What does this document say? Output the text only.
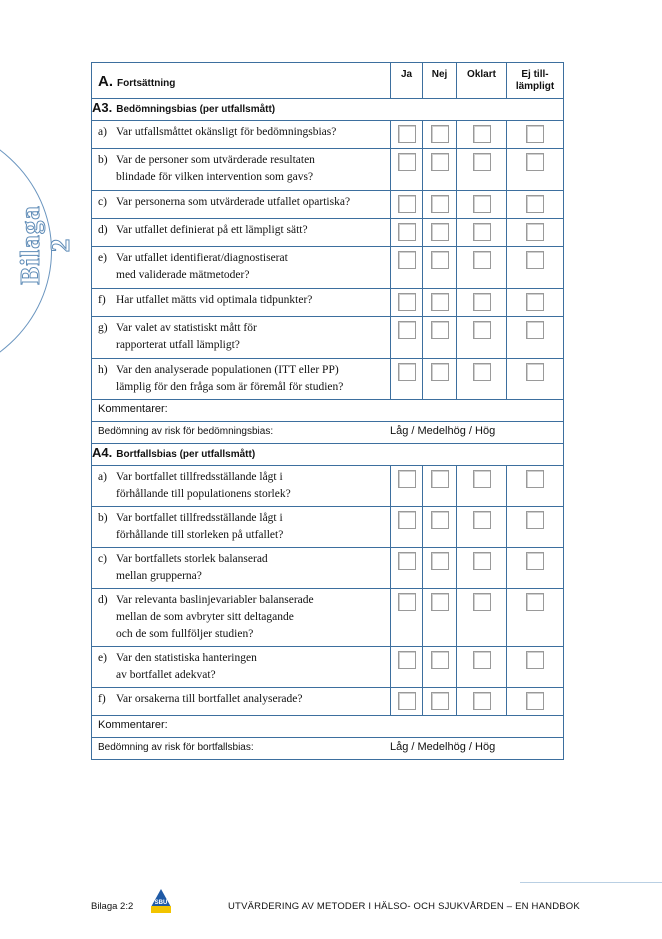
Bilaga 2
A. Fortsättning	Ja	Nej	Oklart	Ej till-
lämpligt
A3. Bedömningsbias (per utfallsmått)				

a) Var utfallsmåttet okänsligt för bedömningsbias?				

b) Var de personer som utvärderade resultaten
blindade för vilken intervention som gavs?				

c) Var personerna som utvärderade utfallet opartiska?				

d) Var utfallet definierat på ett lämpligt sätt?				

e) Var utfallet identifierat/diagnostiserat
med validerade mätmetoder?				

f) Har utfallet mätts vid optimala tidpunkter?				

g) Var valet av statistiskt mått för
rapporterat utfall lämpligt?				

h) Var den analyserade populationen (ITT eller PP)
lämplig för den fråga som är föremål för studien?				

Kommentarer:				
Bedömning av risk för bedömningsbias: Låg / Medelhög / Hög				

A4. Bortfallsbias (per utfallsmått)				

a) Var bortfallet tillfredsställande lågt i
förhållande till populationens storlek?				

b) Var bortfallet tillfredsställande lågt i
förhållande till storleken på utfallet?				

c) Var bortfallets storlek balanserad
mellan grupperna?				

d) Var relevanta baslinjevariabler balanserade
mellan de som avbryter sitt deltagande
och de som fullföljer studien?				

e) Var den statistiska hanteringen
av bortfallet adekvat?				

f) Var orsakerna till bortfallet analyserade?				

Kommentarer:				
Bedömning av risk för bortfallsbias: Låg / Medelhög / Hög				
Bilaga 2:2	SBU	UTVÄRDERING AV METODER I HÄLSO- OCH SJUKVÅRDEN – EN HANDBOK
